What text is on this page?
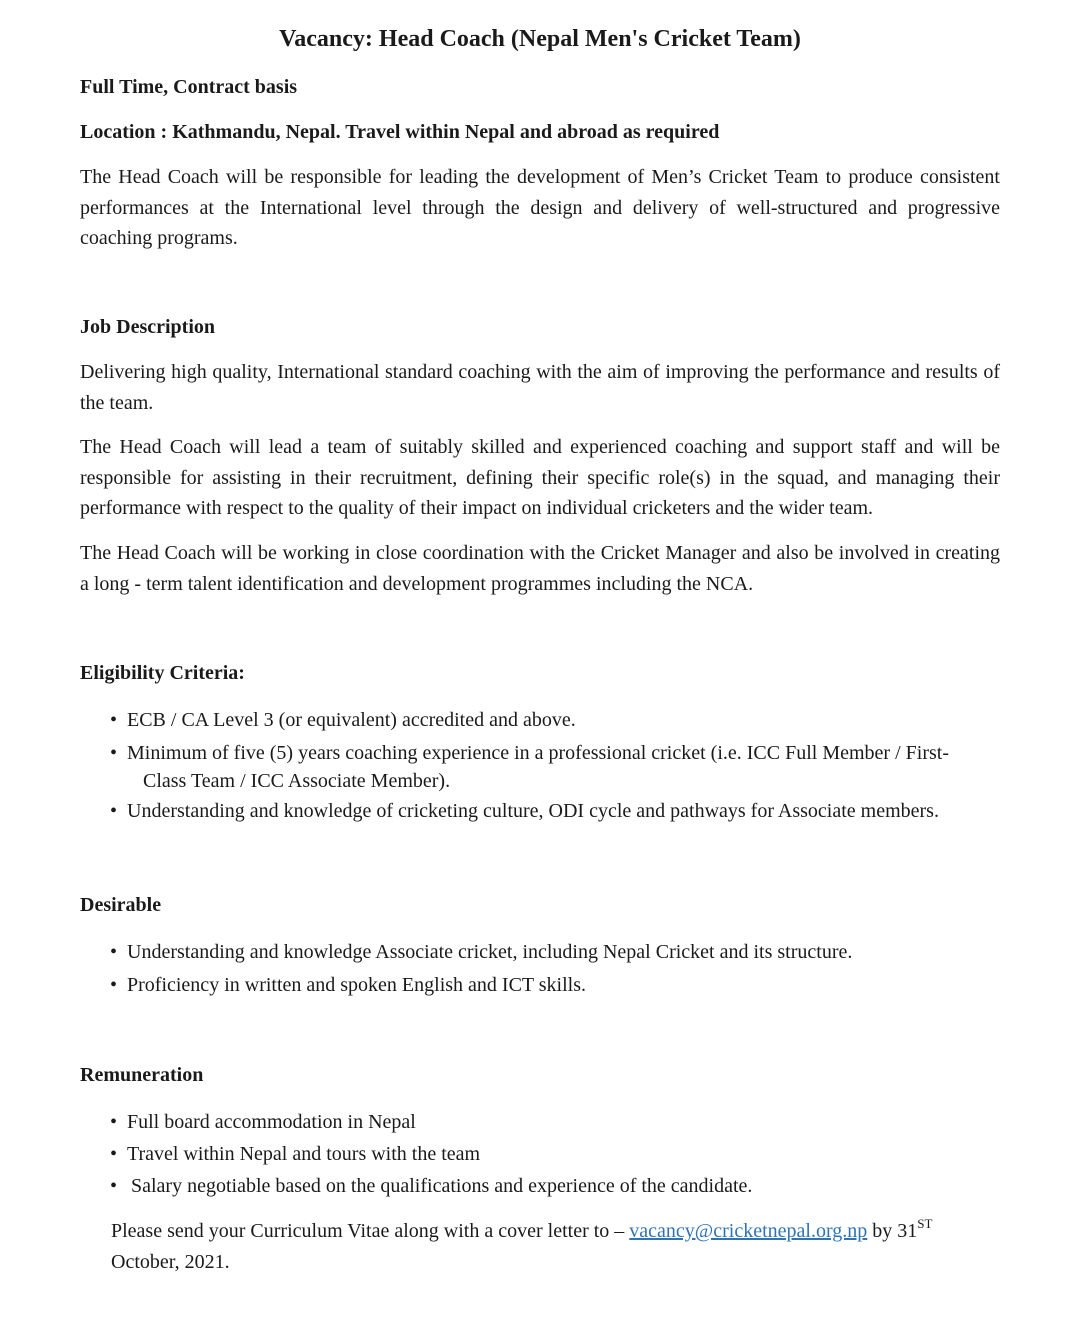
Vacancy: Head Coach (Nepal Men's Cricket Team)

Full Time, Contract basis

Location : Kathmandu, Nepal. Travel within Nepal and abroad as required

The Head Coach will be responsible for leading the development of Men’s Cricket Team to produce consistent performances at the International level through the design and delivery of well-structured and progressive coaching programs.

Job Description

Delivering high quality, International standard coaching with the aim of improving the performance and results of the team.

The Head Coach will lead a team of suitably skilled and experienced coaching and support staff and will be responsible for assisting in their recruitment, defining their specific role(s) in the squad, and managing their performance with respect to the quality of their impact on individual cricketers and the wider team.

The Head Coach will be working in close coordination with the Cricket Manager and also be involved in creating a long - term talent identification and development programmes including the NCA.

Eligibility Criteria:

• ECB / CA Level 3 (or equivalent) accredited and above.
• Minimum of five (5) years coaching experience in a professional cricket (i.e. ICC Full Member / First-
Class Team / ICC Associate Member).
• Understanding and knowledge of cricketing culture, ODI cycle and pathways for Associate members.

Desirable

• Understanding and knowledge Associate cricket, including Nepal Cricket and its structure.
• Proficiency in written and spoken English and ICT skills.

Remuneration

• Full board accommodation in Nepal
• Travel within Nepal and tours with the team
• Salary negotiable based on the qualifications and experience of the candidate.

Please send your Curriculum Vitae along with a cover letter to – vacancy@cricketnepal.org.np by 31ST
October, 2021.
